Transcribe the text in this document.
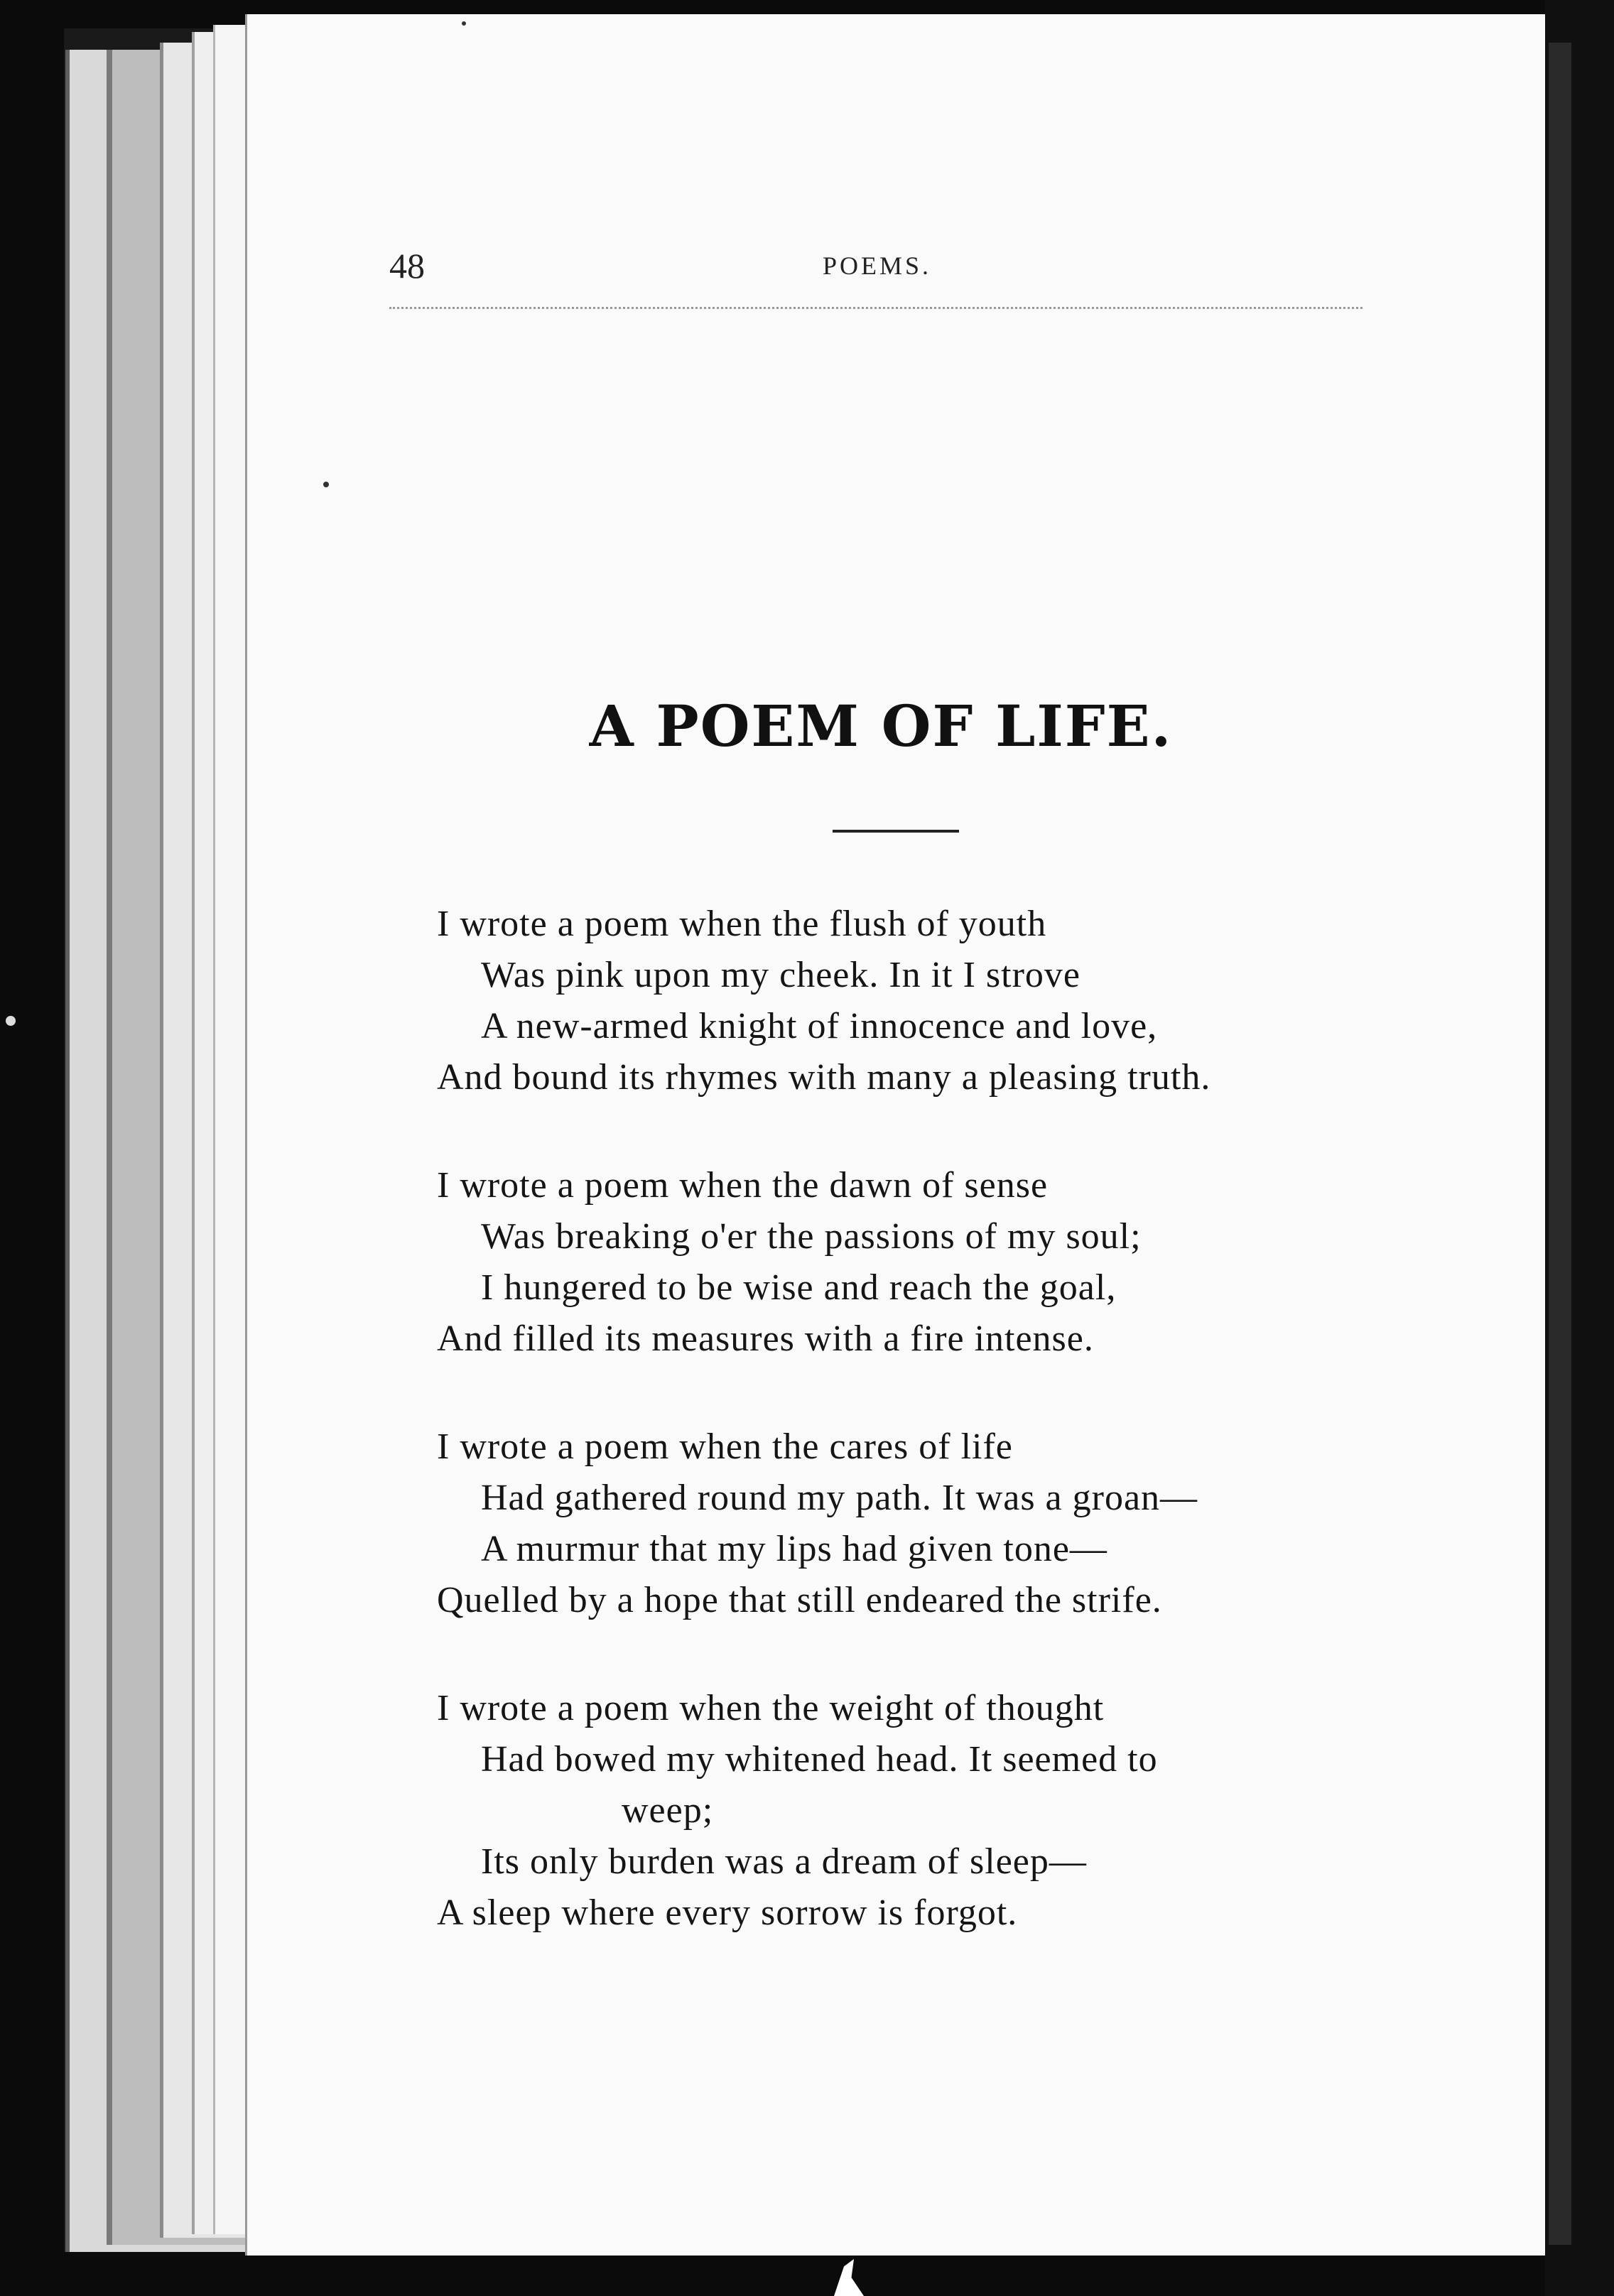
48	POEMS.
A POEM OF LIFE.
I wrote a poem when the flush of youth
Was pink upon my cheek. In it I strove
A new-armed knight of innocence and love,
And bound its rhymes with many a pleasing truth.
I wrote a poem when the dawn of sense
Was breaking o'er the passions of my soul;
I hungered to be wise and reach the goal,
And filled its measures with a fire intense.
I wrote a poem when the cares of life
Had gathered round my path. It was a groan—
A murmur that my lips had given tone—
Quelled by a hope that still endeared the strife.
I wrote a poem when the weight of thought
Had bowed my whitened head. It seemed to
weep;
Its only burden was a dream of sleep—
A sleep where every sorrow is forgot.
